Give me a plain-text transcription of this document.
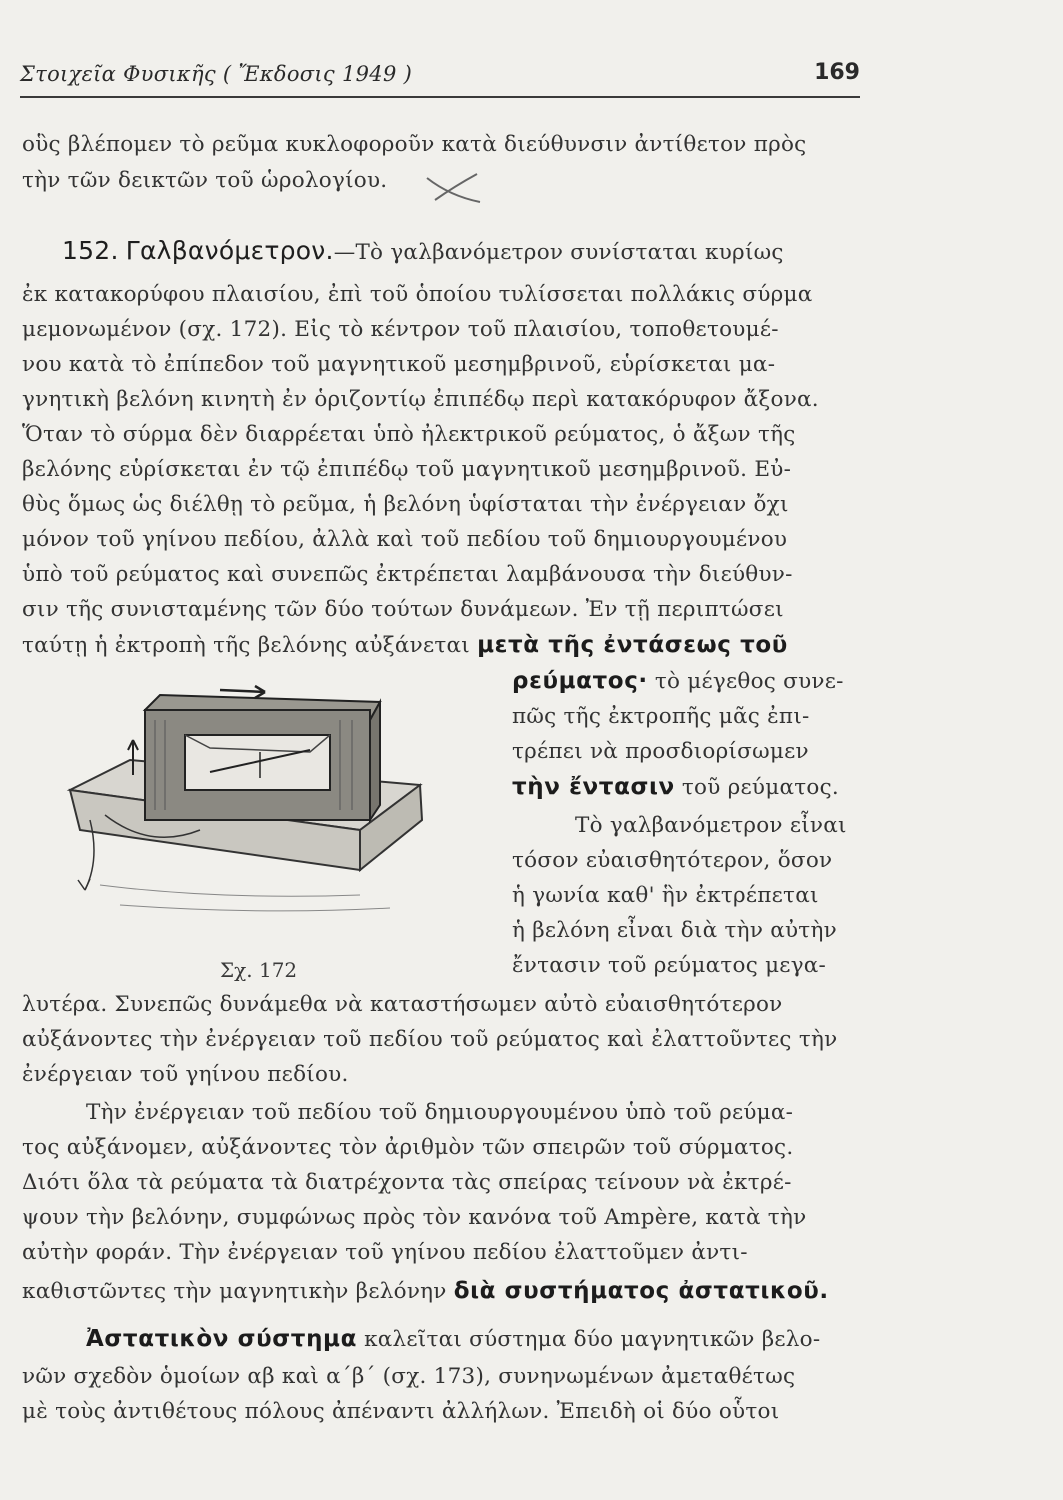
Στοιχεῖα Φυσικῆς ( Ἔκδοσις 1949 )	169
οὓς βλέπομεν τὸ ρεῦμα κυκλοφοροῦν κατὰ διεύθυνσιν ἀντίθετον πρὸς
τὴν τῶν δεικτῶν τοῦ ὡρολογίου.
152. Γαλβανόμετρον.—Τὸ γαλβανόμετρον συνίσταται κυρίως
ἐκ κατακορύφου πλαισίου, ἐπὶ τοῦ ὁποίου τυλίσσεται πολλάκις σύρμα
μεμονωμένον (σχ. 172). Εἰς τὸ κέντρον τοῦ πλαισίου, τοποθετουμέ-
νου κατὰ τὸ ἐπίπεδον τοῦ μαγνητικοῦ μεσημβρινοῦ, εὑρίσκεται μα-
γνητικὴ βελόνη κινητὴ ἐν ὁριζοντίῳ ἐπιπέδῳ περὶ κατακόρυφον ἄξονα.
Ὅταν τὸ σύρμα δὲν διαρρέεται ὑπὸ ἠλεκτρικοῦ ρεύματος, ὁ ἄξων τῆς
βελόνης εὑρίσκεται ἐν τῷ ἐπιπέδῳ τοῦ μαγνητικοῦ μεσημβρινοῦ. Εὐ-
θὺς ὅμως ὡς διέλθῃ τὸ ρεῦμα, ἡ βελόνη ὑφίσταται τὴν ἐνέργειαν ὄχι
μόνον τοῦ γηίνου πεδίου, ἀλλὰ καὶ τοῦ πεδίου τοῦ δημιουργουμένου
ὑπὸ τοῦ ρεύματος καὶ συνεπῶς ἐκτρέπεται λαμβάνουσα τὴν διεύθυν-
σιν τῆς συνισταμένης τῶν δύο τούτων δυνάμεων. Ἐν τῇ περιπτώσει
ταύτῃ ἡ ἐκτροπὴ τῆς βελόνης αὐξάνεται μετὰ τῆς ἐντάσεως τοῦ
ρεύματος· τὸ μέγεθος συνε-
πῶς τῆς ἐκτροπῆς μᾶς ἐπι-
τρέπει νὰ προσδιορίσωμεν
τὴν ἔντασιν τοῦ ρεύματος.
Τὸ γαλβανόμετρον εἶναι
τόσον εὐαισθητότερον, ὅσον
ἡ γωνία καθ' ἣν ἐκτρέπεται
ἡ βελόνη εἶναι διὰ τὴν αὐτὴν
ἔντασιν τοῦ ρεύματος μεγα-
Σχ. 172
λυτέρα. Συνεπῶς δυνάμεθα νὰ καταστήσωμεν αὐτὸ εὐαισθητότερον
αὐξάνοντες τὴν ἐνέργειαν τοῦ πεδίου τοῦ ρεύματος καὶ ἐλαττοῦντες τὴν
ἐνέργειαν τοῦ γηίνου πεδίου.
Τὴν ἐνέργειαν τοῦ πεδίου τοῦ δημιουργουμένου ὑπὸ τοῦ ρεύμα-
τος αὐξάνομεν, αὐξάνοντες τὸν ἀριθμὸν τῶν σπειρῶν τοῦ σύρματος.
Διότι ὅλα τὰ ρεύματα τὰ διατρέχοντα τὰς σπείρας τείνουν νὰ ἐκτρέ-
ψουν τὴν βελόνην, συμφώνως πρὸς τὸν κανόνα τοῦ Ampère, κατὰ τὴν
αὐτὴν φοράν. Τὴν ἐνέργειαν τοῦ γηίνου πεδίου ἐλαττοῦμεν ἀντι-
καθιστῶντες τὴν μαγνητικὴν βελόνην διὰ συστήματος ἀστατικοῦ.
Ἀστατικὸν σύστημα καλεῖται σύστημα δύο μαγνητικῶν βελο-
νῶν σχεδὸν ὁμοίων αβ καὶ α΄β΄ (σχ. 173), συνηνωμένων ἀμεταθέτως
μὲ τοὺς ἀντιθέτους πόλους ἀπέναντι ἀλλήλων. Ἐπειδὴ οἱ δύο οὗτοι
